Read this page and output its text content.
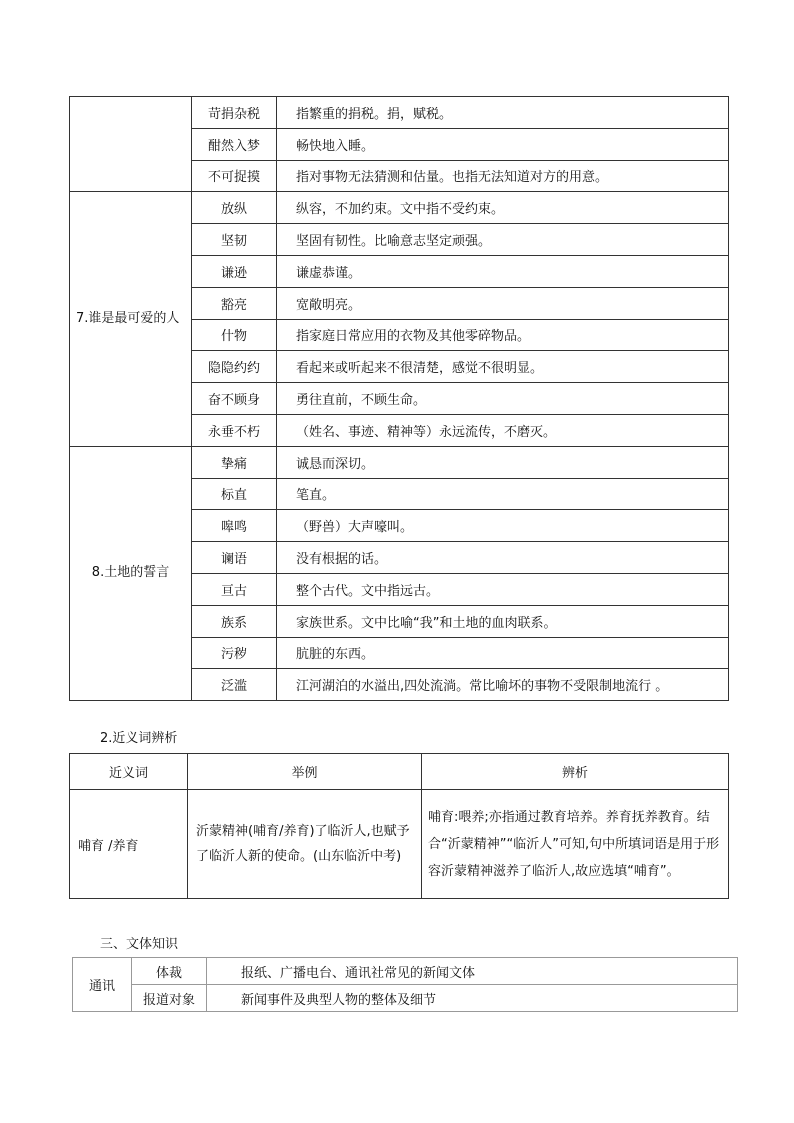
	苛捐杂税	指繁重的捐税。捐，赋税。
	酣然入梦	畅快地入睡。
	不可捉摸	指对事物无法猜测和估量。也指无法知道对方的用意。
7.谁是最可爱的人	放纵	纵容，不加约束。文中指不受约束。
	坚韧	坚固有韧性。比喻意志坚定顽强。
	谦逊	谦虚恭谨。
	豁亮	宽敞明亮。
	什物	指家庭日常应用的衣物及其他零碎物品。
	隐隐约约	看起来或听起来不很清楚，感觉不很明显。
	奋不顾身	勇往直前，不顾生命。
	永垂不朽	（姓名、事迹、精神等）永远流传，不磨灭。
8.土地的誓言	挚痛	诚恳而深切。
	标直	笔直。
	嗥鸣	（野兽）大声嚎叫。
	谰语	没有根据的话。
	亘古	整个古代。文中指远古。
	族系	家族世系。文中比喻“我”和土地的血肉联系。
	污秽	肮脏的东西。
	泛滥	江河湖泊的水溢出,四处流淌。常比喻坏的事物不受限制地流行 。
2.近义词辨析
近义词	举例	辨析
哺育 /养育	沂蒙精神(哺育/养育)了临沂人,也赋予了临沂人新的使命。(山东临沂中考)	哺育:喂养;亦指通过教育培养。养育抚养教育。结合“沂蒙精神”“临沂人”可知,句中所填词语是用于形容沂蒙精神滋养了临沂人,故应选填“哺育”。
三、文体知识
通讯	体裁	报纸、广播电台、通讯社常见的新闻文体
	报道对象	新闻事件及典型人物的整体及细节
